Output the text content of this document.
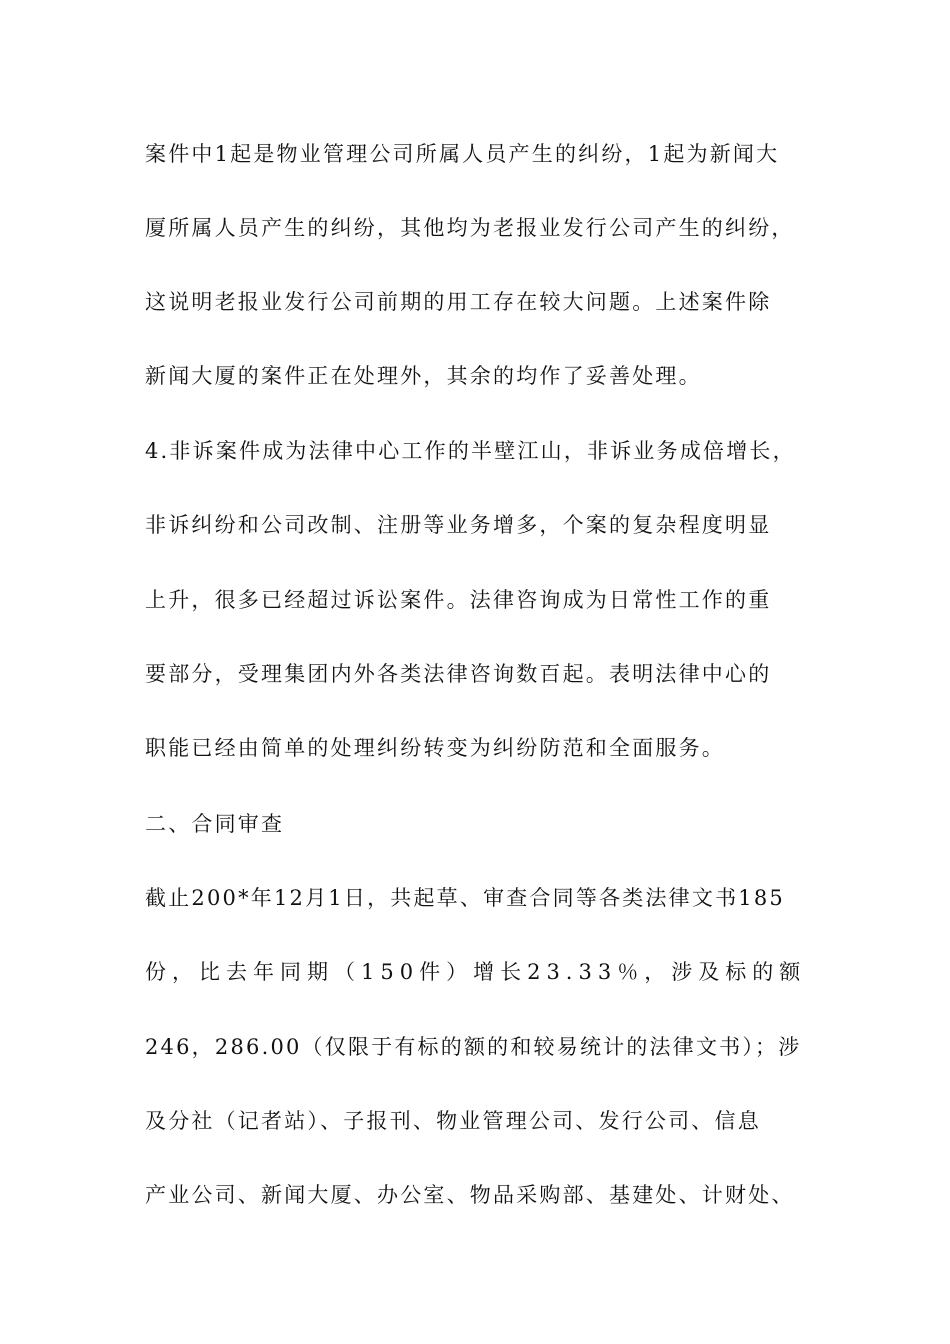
案件中1起是物业管理公司所属人员产生的纠纷，1起为新闻大
厦所属人员产生的纠纷，其他均为老报业发行公司产生的纠纷，
这说明老报业发行公司前期的用工存在较大问题。上述案件除
新闻大厦的案件正在处理外，其余的均作了妥善处理。
4.非诉案件成为法律中心工作的半壁江山，非诉业务成倍增长，
非诉纠纷和公司改制、注册等业务增多，个案的复杂程度明显
上升，很多已经超过诉讼案件。法律咨询成为日常性工作的重
要部分，受理集团内外各类法律咨询数百起。表明法律中心的
职能已经由简单的处理纠纷转变为纠纷防范和全面服务。
二、合同审查
截止200*年12月1日，共起草、审查合同等各类法律文书185
份，比去年同期（150件）增长23.33％，涉及标的额
246，286.00（仅限于有标的额的和较易统计的法律文书）；涉
及分社（记者站）、子报刊、物业管理公司、发行公司、信息
产业公司、新闻大厦、办公室、物品采购部、基建处、计财处、
